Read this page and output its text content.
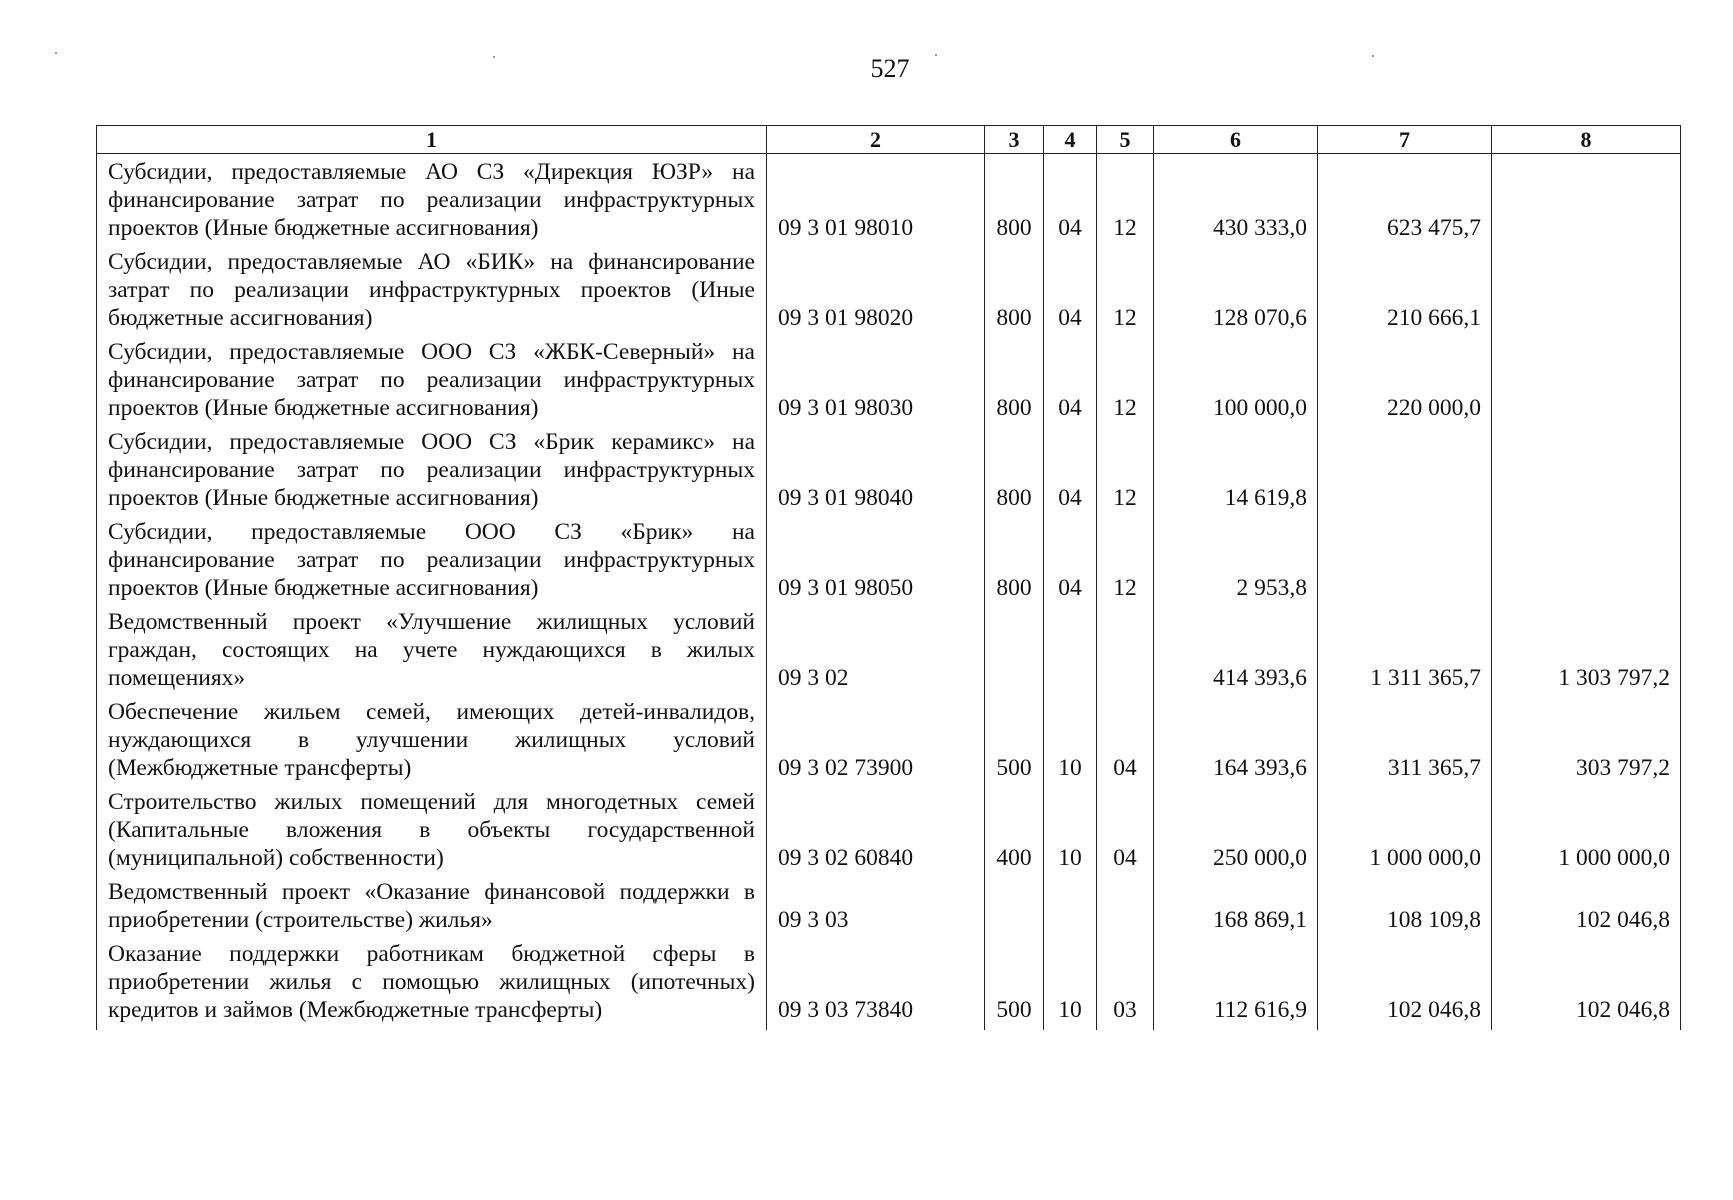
527
1	2	3	4	5	6	7	8
Субсидии, предоставляемые АО СЗ «Дирекция ЮЗР» на финансирование затрат по реализации инфраструктурных проектов (Иные бюджетные ассигнования)	09 3 01 98010	800	04	12	430 333,0	623 475,7	
Субсидии, предоставляемые АО «БИК» на финансирование затрат по реализации инфраструктурных проектов (Иные бюджетные ассигнования)	09 3 01 98020	800	04	12	128 070,6	210 666,1	
Субсидии, предоставляемые ООО СЗ «ЖБК-Северный» на финансирование затрат по реализации инфраструктурных проектов (Иные бюджетные ассигнования)	09 3 01 98030	800	04	12	100 000,0	220 000,0	
Субсидии, предоставляемые ООО СЗ «Брик керамикс» на финансирование затрат по реализации инфраструктурных проектов (Иные бюджетные ассигнования)	09 3 01 98040	800	04	12	14 619,8		
Субсидии, предоставляемые ООО СЗ «Брик» на финансирование затрат по реализации инфраструктурных проектов (Иные бюджетные ассигнования)	09 3 01 98050	800	04	12	2 953,8		
Ведомственный проект «Улучшение жилищных условий граждан, состоящих на учете нуждающихся в жилых помещениях»	09 3 02				414 393,6	1 311 365,7	1 303 797,2
Обеспечение жильем семей, имеющих детей-инвалидов, нуждающихся в улучшении жилищных условий (Межбюджетные трансферты)	09 3 02 73900	500	10	04	164 393,6	311 365,7	303 797,2
Строительство жилых помещений для многодетных семей (Капитальные вложения в объекты государственной (муниципальной) собственности)	09 3 02 60840	400	10	04	250 000,0	1 000 000,0	1 000 000,0
Ведомственный проект «Оказание финансовой поддержки в приобретении (строительстве) жилья»	09 3 03				168 869,1	108 109,8	102 046,8
Оказание поддержки работникам бюджетной сферы в приобретении жилья с помощью жилищных (ипотечных) кредитов и займов (Межбюджетные трансферты)	09 3 03 73840	500	10	03	112 616,9	102 046,8	102 046,8
